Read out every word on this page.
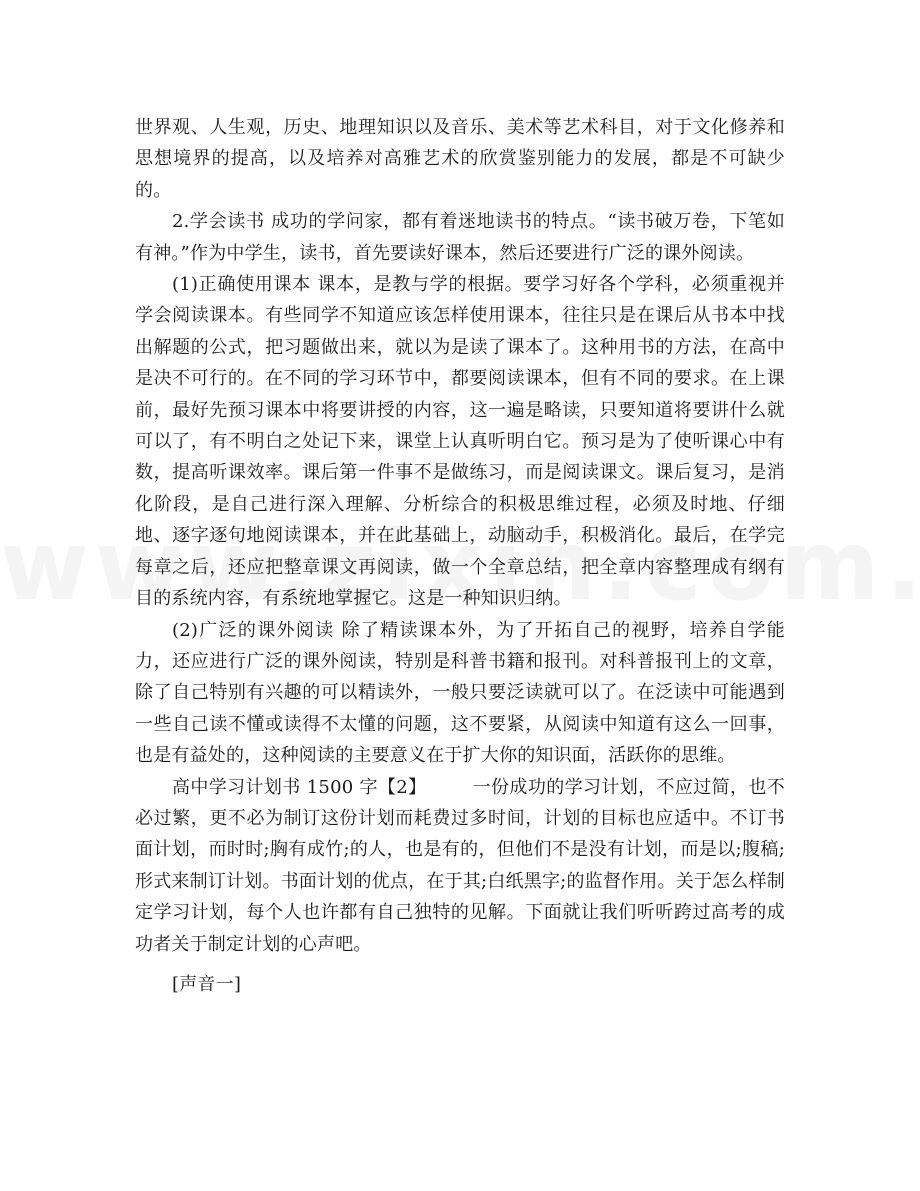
世界观、人生观，历史、地理知识以及音乐、美术等艺术科目，对于文化修养和思想境界的提高，以及培养对高雅艺术的欣赏鉴别能力的发展，都是不可缺少的。

2.学会读书 成功的学问家，都有着迷地读书的特点。“读书破万卷，下笔如有神。”作为中学生，读书，首先要读好课本，然后还要进行广泛的课外阅读。

(1)正确使用课本 课本，是教与学的根据。要学习好各个学科，必须重视并学会阅读课本。有些同学不知道应该怎样使用课本，往往只是在课后从书本中找出解题的公式，把习题做出来，就以为是读了课本了。这种用书的方法，在高中是决不可行的。在不同的学习环节中，都要阅读课本，但有不同的要求。在上课前，最好先预习课本中将要讲授的内容，这一遍是略读，只要知道将要讲什么就可以了，有不明白之处记下来，课堂上认真听明白它。预习是为了使听课心中有数，提高听课效率。课后第一件事不是做练习，而是阅读课文。课后复习，是消化阶段，是自己进行深入理解、分析综合的积极思维过程，必须及时地、仔细地、逐字逐句地阅读课本，并在此基础上，动脑动手，积极消化。最后，在学完每章之后，还应把整章课文再阅读，做一个全章总结，把全章内容整理成有纲有目的系统内容，有系统地掌握它。这是一种知识归纳。

(2)广泛的课外阅读 除了精读课本外，为了开拓自己的视野，培养自学能力，还应进行广泛的课外阅读，特别是科普书籍和报刊。对科普报刊上的文章，除了自己特别有兴趣的可以精读外，一般只要泛读就可以了。在泛读中可能遇到一些自己读不懂或读得不太懂的问题，这不要紧，从阅读中知道有这么一回事，也是有益处的，这种阅读的主要意义在于扩大你的知识面，活跃你的思维。

高中学习计划书 1500 字【2】	一份成功的学习计划，不应过简，也不必过繁，更不必为制订这份计划而耗费过多时间，计划的目标也应适中。不订书面计划，而时时;胸有成竹;的人，也是有的，但他们不是没有计划，而是以;腹稿;形式来制订计划。书面计划的优点，在于其;白纸黑字;的监督作用。关于怎么样制定学习计划，每个人也许都有自己独特的见解。下面就让我们听听跨过高考的成功者关于制定计划的心声吧。

[声音一]
